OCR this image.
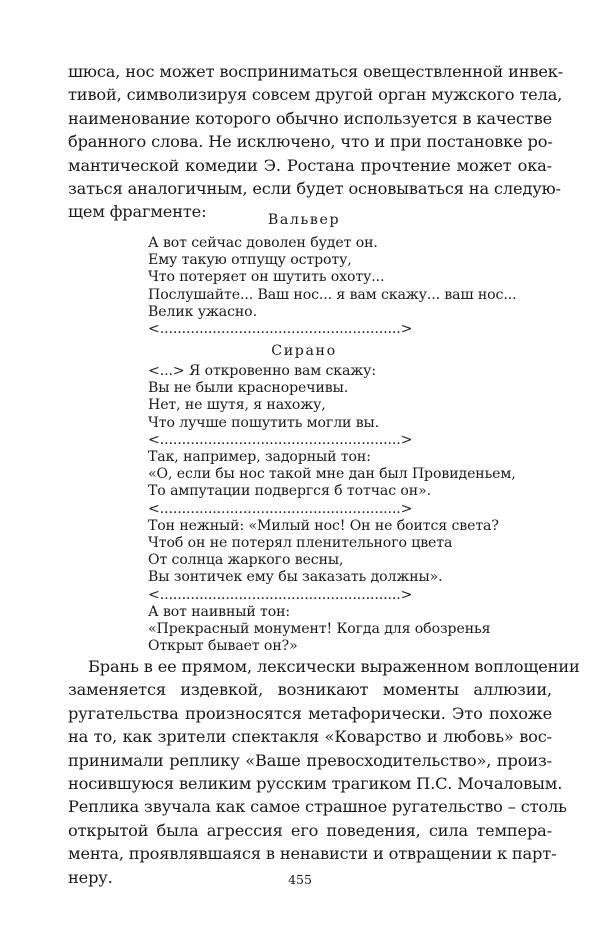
шюса, нос может восприниматься овеществленной инвек-
тивой, символизируя совсем другой орган мужского тела,
наименование которого обычно используется в качестве
бранного слова. Не исключено, что и при постановке ро-
мантической комедии Э. Ростана прочтение может ока-
заться аналогичным, если будет основываться на следую-
щем фрагменте:	Вальвер
А вот сейчас доволен будет он.
Ему такую отпущу остроту,
Что потеряет он шутить охоту...
Послушайте... Ваш нос... я вам скажу... ваш нос...
Велик ужасно.
<.......................................................>
Сирано
<...> Я откровенно вам скажу:
Вы не были красноречивы.
Нет, не шутя, я нахожу,
Что лучше пошутить могли вы.
<.......................................................>
Так, например, задорный тон:
«О, если бы нос такой мне дан был Провиденьем,
То ампутации подвергся б тотчас он».
<.......................................................>
Тон нежный: «Милый нос! Он не боится света?
Чтоб он не потерял пленительного цвета
От солнца жаркого весны,
Вы зонтичек ему бы заказать должны».
<.......................................................>
А вот наивный тон:
«Прекрасный монумент! Когда для обозренья
Открыт бывает он?»
Брань в ее прямом, лексически выраженном воплощении
заменяется издевкой, возникают моменты аллюзии,
ругательства произносятся метафорически. Это похоже
на то, как зрители спектакля «Коварство и любовь» вос-
принимали реплику «Ваше превосходительство», произ-
носившуюся великим русским трагиком П.С. Мочаловым.
Реплика звучала как самое страшное ругательство – столь
открытой была агрессия его поведения, сила темпера-
мента, проявлявшаяся в ненависти и отвращении к парт-
неру.	455
